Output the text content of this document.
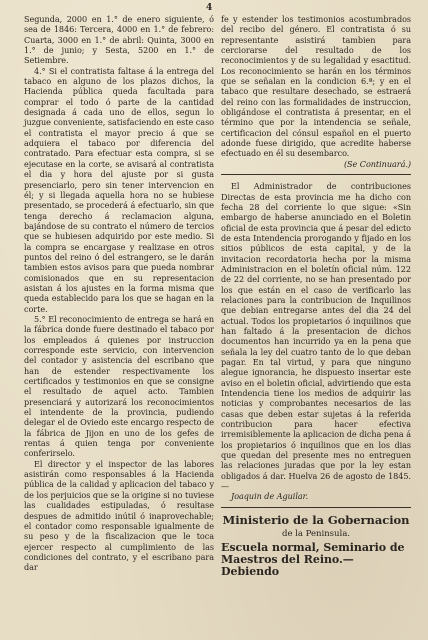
4

Segunda, 2000 en 1.° de enero siguiente, ó sea de 1846: Tercera, 4000 en 1.° de febrero: Cuarta, 3000 en 1.° de abril: Quinta, 3000 en 1.° de junio; y Sesta, 5200 en 1.° de Setiembre.

4.° Si el contratista faltase á la entrega del tabaco en alguno de los plazos dichos, la Hacienda pública queda facultada para comprar el todo ó parte de la cantidad designada á cada uno de ellos, segun lo juzgue conveniente, satisfaciendo en este caso el contratista el mayor precio á que se adquiera el tabaco por diferencia del contratado. Para efectuar esta compra, si se ejecutase en la corte, se avisará al contratista el dia y hora del ajuste por si gusta presenciarlo, pero sin tener intervencion en él; y si llegada aquella hora no se hubiese presentado, se procederá á efectuarlo, sin que tenga derecho á reclamacion alguna, bajándose de su contrato el número de tercios que se hubiesen adquirido por este medio. Si la compra se encargase y realizase en otros puntos del reino ó del estrangero, se le darán tambien estos avisos para que pueda nombrar comisionados que en su representacion asistan á los ajustes en la forma misma que queda establecido para los que se hagan en la corte.

5.° El reconocimiento de entrega se hará en la fábrica donde fuere destinado el tabaco por los empleados á quienes por instruccion corresponde este servicio, con intervencion del contador y asistencia del escribano que han de estender respectivamente los certificados y testimonios en que se consigne el resultado de aquel acto. Tambien presenciará y autorizará los reconocimientos el intendente de la provincia, pudiendo delegar el de Oviedo este encargo respecto de la fábrica de Jijon en uno de los gefes de rentas á quien tenga por conveniente conferirselo.

El director y el inspector de las labores asistirán como responsables á la Hacienda pública de la calidad y aplicacion del tabaco y de los perjuicios que se la origine si no tuviese las cualidades estipuladas, ó resultase despues de admitido inútil ó inaprovechable; el contador como responsable igualmente de su peso y de la fiscalizacion que le toca ejercer respecto al cumplimiento de las condiciones del contrato, y el escribano para dar

fe y estender los testimonios acostumbrados del recibo del género. El contratista ó su representante asistirá tambien para cerciorarse del resultado de los reconocimientos y de su legalidad y esactitud. Los reconocimiento se harán en los términos que se señalan en la condicion 6.ª; y en el tabaco que resultare desechado, se estraerá del reino con las formalidades de instruccion, obligándose el contratista á presentar, en el término que por la intendencia se señale, certificacion del cónsul español en el puerto adonde fuese dirigido, que acredite haberse efectuado en él su desembarco.

(Se Continuará.)

El Administrador de contribuciones Directas de esta provincia me ha dicho con fecha 28 del corriente lo que sigue: «Sin embargo de haberse anunciado en el Boletin oficial de esta provincia que á pesar del edicto de esta Intendencia prorogando y fijado en los sitios públicos de esta capital, y de la invitacion recordatoria hecha por la misma Administracion en el boletín oficial núm. 122 de 22 del corriente, no se han presentado por los que están en el caso de verificarlo las relaciones para la contribucion de Inquilinos que debian entregarse antes del dia 24 del actual. Todos los propietarios ó inquilinos que han faltado á la presentacion de dichos documentos han incurrido ya en la pena que señala la ley del cuatro tanto de lo que deban pagar. En tal virtud, y para que ninguno alegue ignorancia, he dispuesto insertar este aviso en el boletin oficial, advirtiendo que esta Intendencia tiene los medios de adquirir las noticias y comprobantes necesarios de las casas que deben estar sujetas á la referida contribucion para hacer efectiva irremisiblemente la aplicacion de dicha pena á los propietarios ó inquilinos que en los dias que quedan del presente mes no entreguen las relaciones juradas que por la ley estan obligados á dar. Huelva 26 de agosto de 1845.—

Joaquin de Aguilar.

Ministerio de la Gobernacion
de la Peninsula.
Escuela normal, Seminario de Maestros del Reino.—Debiendo
